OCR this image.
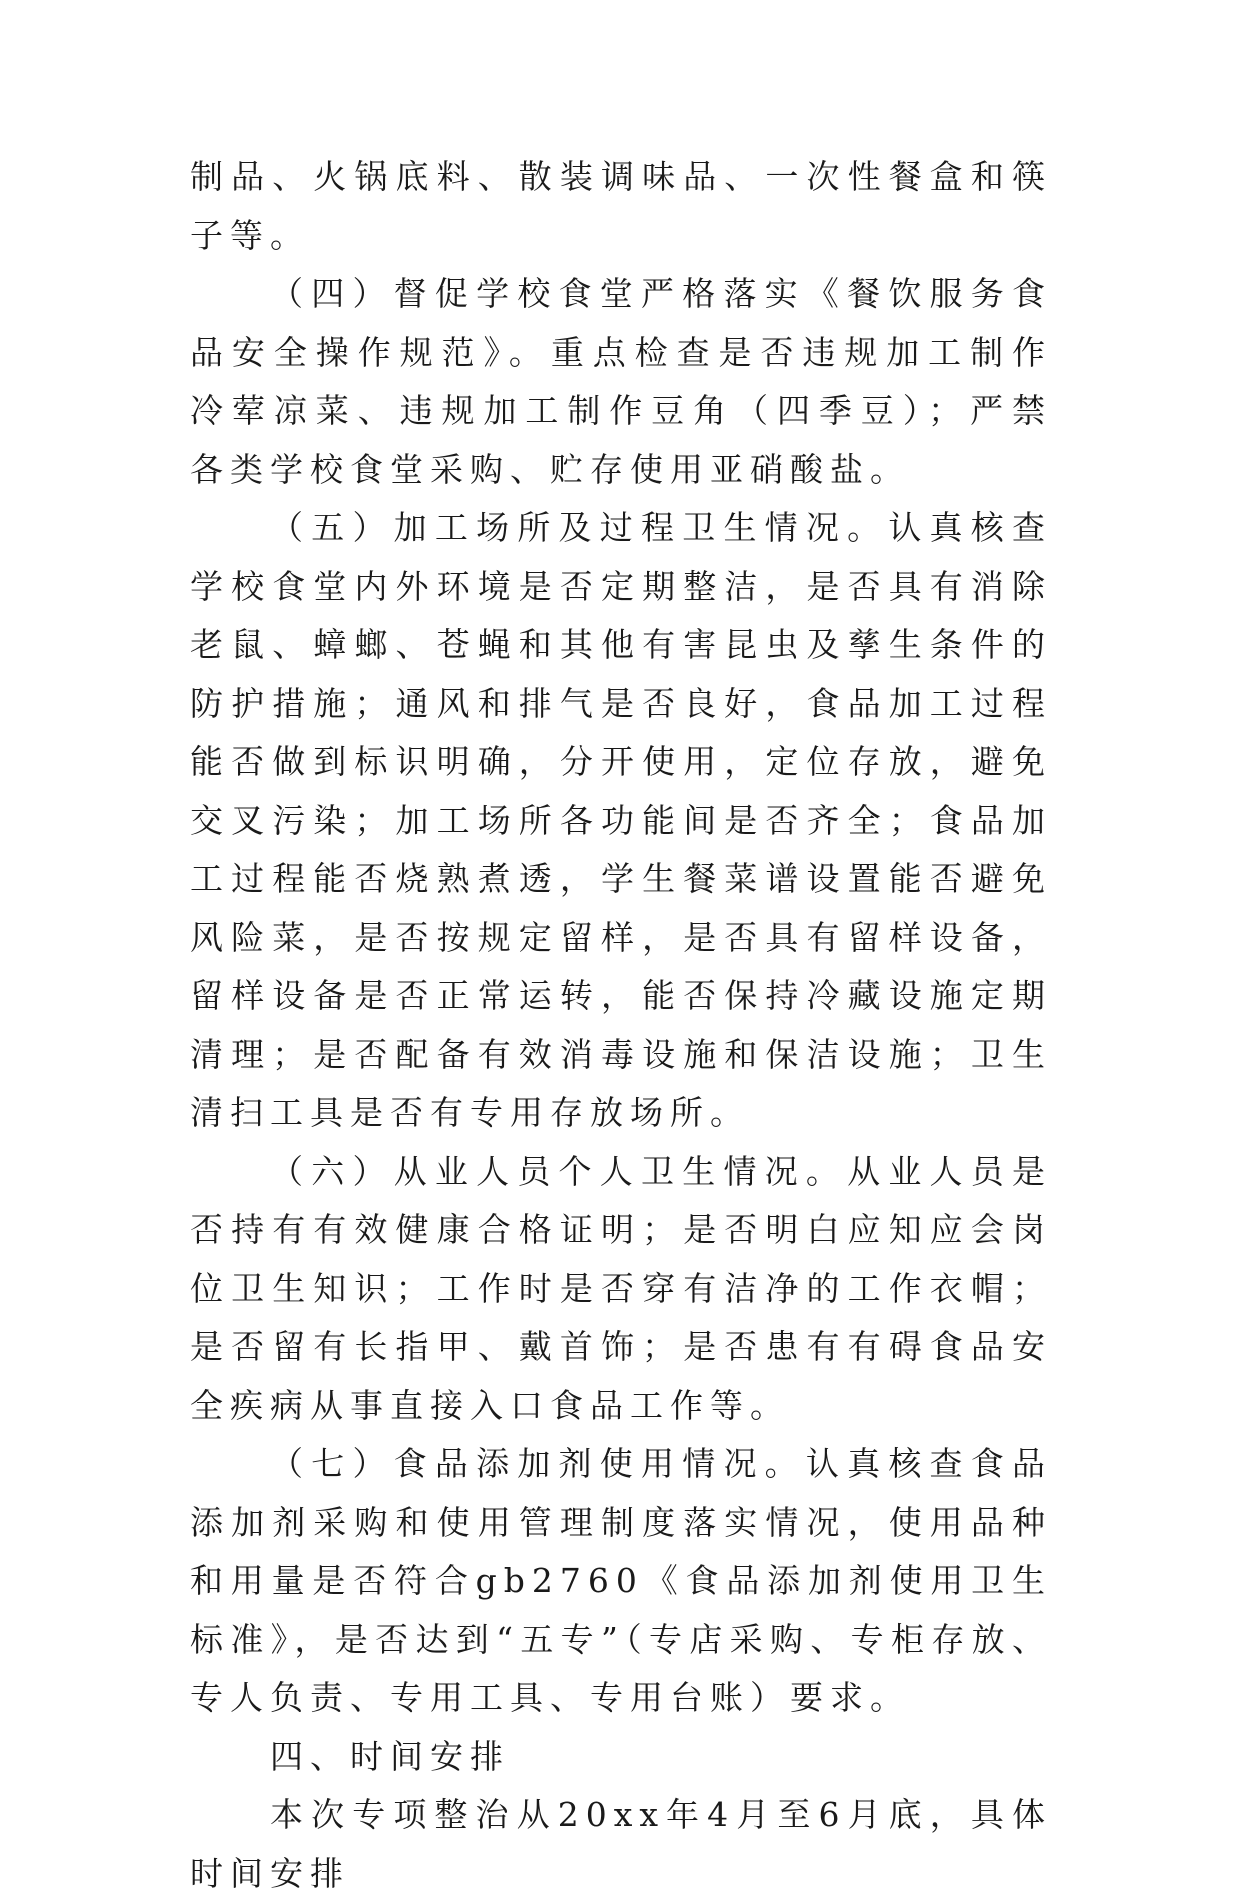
制品、火锅底料、散装调味品、一次性餐盒和筷子等。

（四）督促学校食堂严格落实《餐饮服务食品安全操作规范》。重点检查是否违规加工制作冷荤凉菜、违规加工制作豆角（四季豆）；严禁各类学校食堂采购、贮存使用亚硝酸盐。

（五）加工场所及过程卫生情况。认真核查学校食堂内外环境是否定期整洁，是否具有消除老鼠、蟑螂、苍蝇和其他有害昆虫及孳生条件的防护措施；通风和排气是否良好，食品加工过程能否做到标识明确，分开使用，定位存放，避免交叉污染；加工场所各功能间是否齐全；食品加工过程能否烧熟煮透，学生餐菜谱设置能否避免风险菜，是否按规定留样，是否具有留样设备，留样设备是否正常运转，能否保持冷藏设施定期清理；是否配备有效消毒设施和保洁设施；卫生清扫工具是否有专用存放场所。

（六）从业人员个人卫生情况。从业人员是否持有有效健康合格证明；是否明白应知应会岗位卫生知识；工作时是否穿有洁净的工作衣帽；是否留有长指甲、戴首饰；是否患有有碍食品安全疾病从事直接入口食品工作等。

（七）食品添加剂使用情况。认真核查食品添加剂采购和使用管理制度落实情况，使用品种和用量是否符合gb2760《食品添加剂使用卫生标准》，是否达到“五专”（专店采购、专柜存放、专人负责、专用工具、专用台账）要求。

四、时间安排

本次专项整治从20xx年4月至6月底，具体时间安排
